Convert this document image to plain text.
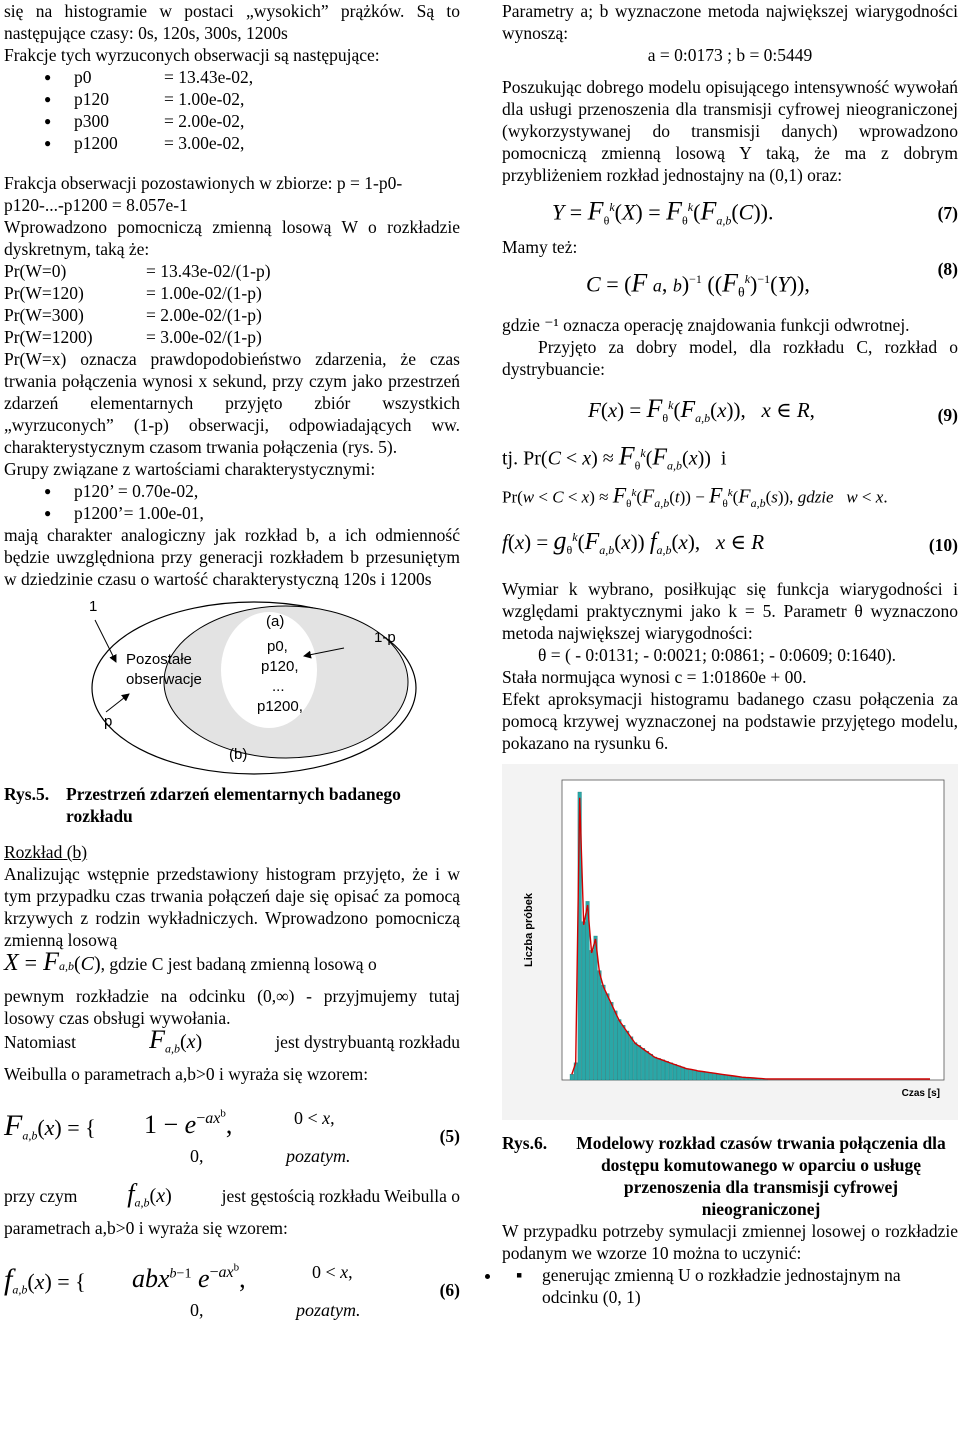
się na histogramie w postaci „wysokich” prążków. Są to następujące czasy: 0s, 120s, 300s, 1200s

Frakcje tych wyrzuconych obserwacji są następujące:

● p0	= 13.43e-02,
● p120	= 1.00e-02,
● p300	= 2.00e-02,
● p1200	= 3.00e-02,

Frakcja obserwacji pozostawionych w zbiorze: p = 1-p0-p120-...-p1200 = 8.057e-1

Wprowadzono pomocniczą zmienną losową W o rozkładzie dyskretnym, taką że:

Pr(W=0)	= 13.43e-02/(1-p)
Pr(W=120)	= 1.00e-02/(1-p)
Pr(W=300)	= 2.00e-02/(1-p)
Pr(W=1200)	= 3.00e-02/(1-p)

Pr(W=x) oznacza prawdopodobieństwo zdarzenia, że czas trwania połączenia wynosi x sekund, przy czym jako przestrzeń zdarzeń elementarnych przyjęto zbiór wszystkich „wyrzuconych” (1-p) obserwacji, odpowiadających ww. charakterystycznym czasom trwania połączenia (rys. 5).

Grupy związane z wartościami charakterystycznymi:

● p120’ = 0.70e-02,
● p1200’= 1.00e-01,

mają charakter analogiczny jak rozkład b, a ich odmienność będzie uwzględniona przy generacji rozkładem b przesuniętym w dziedzinie czasu o wartość charakterystyczną 120s i 1200s

1
p
Pozostałe
obserwacje
(a)
p0,
p120,
...
p1200,
(b)
1-p
Rys.5. Przestrzeń zdarzeń elementarnych badanego rozkładu

Rozkład (b)

Analizując wstępnie przedstawiony histogram przyjęto, że i w tym przypadku czas trwania połączeń daje się opisać za pomocą krzywych z rodzin wykładniczych. Wprowadzono pomocniczą zmienną losową

X = F a,b (C) , gdzie C jest badaną zmienną losową o

pewnym rozkładzie na odcinku (0,∞) - przyjmujemy tutaj losowy czas obsługi wywołania.

Natomiast	$F_{a,b}(x)$	jest dystrybuantą rozkładu

Weibulla o parametrach a,b>0 i wyraża się wzorem:

$F_{a,b}(x)$ = { $1 - e^{-ax^b}$,	0 < x,
0,	pozatym.
(5)
przy czym $f_{a,b}(x)$	jest gęstością rozkładu Weibulla o

parametrach a,b>0 i wyraża się wzorem:

$f_{a,b}(x)$ = { abx$^{b-1}$ $e^{-ax^b}$,	0 < x,
0,	pozatym.
(6)

Parametry a; b wyznaczone metoda największej wiarygodności wynoszą:

a = 0:0173 ; b = 0:5449

Poszukując dobrego modelu opisującego intensywność wywołań dla usługi przenoszenia dla transmisji cyfrowej nieograniczonej (wykorzystywanej do transmisji danych) wprowadzono pomocniczą zmienną losową Y taką, że ma z dobrym przybliżeniem rozkład jednostajny na (0,1) oraz:

$Y = F_\theta^k(X) = F_\theta^k(F_{a,b}(C))$.	(7)

Mamy też:

C = (F a, b)$^{-1}$ $((F_\theta^k)^{-1}(Y))$,
(8)

gdzie ⁻¹ oznacza operację znajdowania funkcji odwrotnej.

Przyjęto za dobry model, dla rozkładu C, rozkład o dystrybuancie:

$F(x) = F_\theta^k(F_{a,b}(x))$,   x ∈ R,	(9)
tj. $Pr(C < x) \approx F_\theta^k(F_{a,b}(x))$  i
$Pr(w < C < x) \approx F_\theta^k(F_{a,b}(t)) - F_\theta^k(F_{a,b}(s))$, gdzie   w < x.
$f(x) = g_\theta^k(F_{a,b}(x))$ $f_{a,b}(x)$,   x ∈ R	(10)

Wymiar k wybrano, posiłkując się funkcja wiarygodności i względami praktycznymi jako k = 5. Parametr θ wyznaczono metoda największej wiarygodności:

θ = ( - 0:0131; - 0:0021; 0:0861; - 0:0609; 0:1640).

Stała normująca wynosi c = 1:01860e + 00.

Efekt aproksymacji histogramu badanego czasu połączenia za pomocą krzywej wyznaczonej na podstawie przyjętego modelu, pokazano na rysunku 6.

Liczba próbek
Czas [s]
Rys.6.	Modelowy rozkład czasów trwania połączenia dla dostępu komutowanego w oparciu o usługę przenoszenia dla transmisji cyfrowej nieograniczonej

W przypadku potrzeby symulacji zmiennej losowej o rozkładzie podanym we wzorze 10 można to uczynić:

▪ • generując zmienną U o rozkładzie jednostajnym na odcinku (0, 1)
